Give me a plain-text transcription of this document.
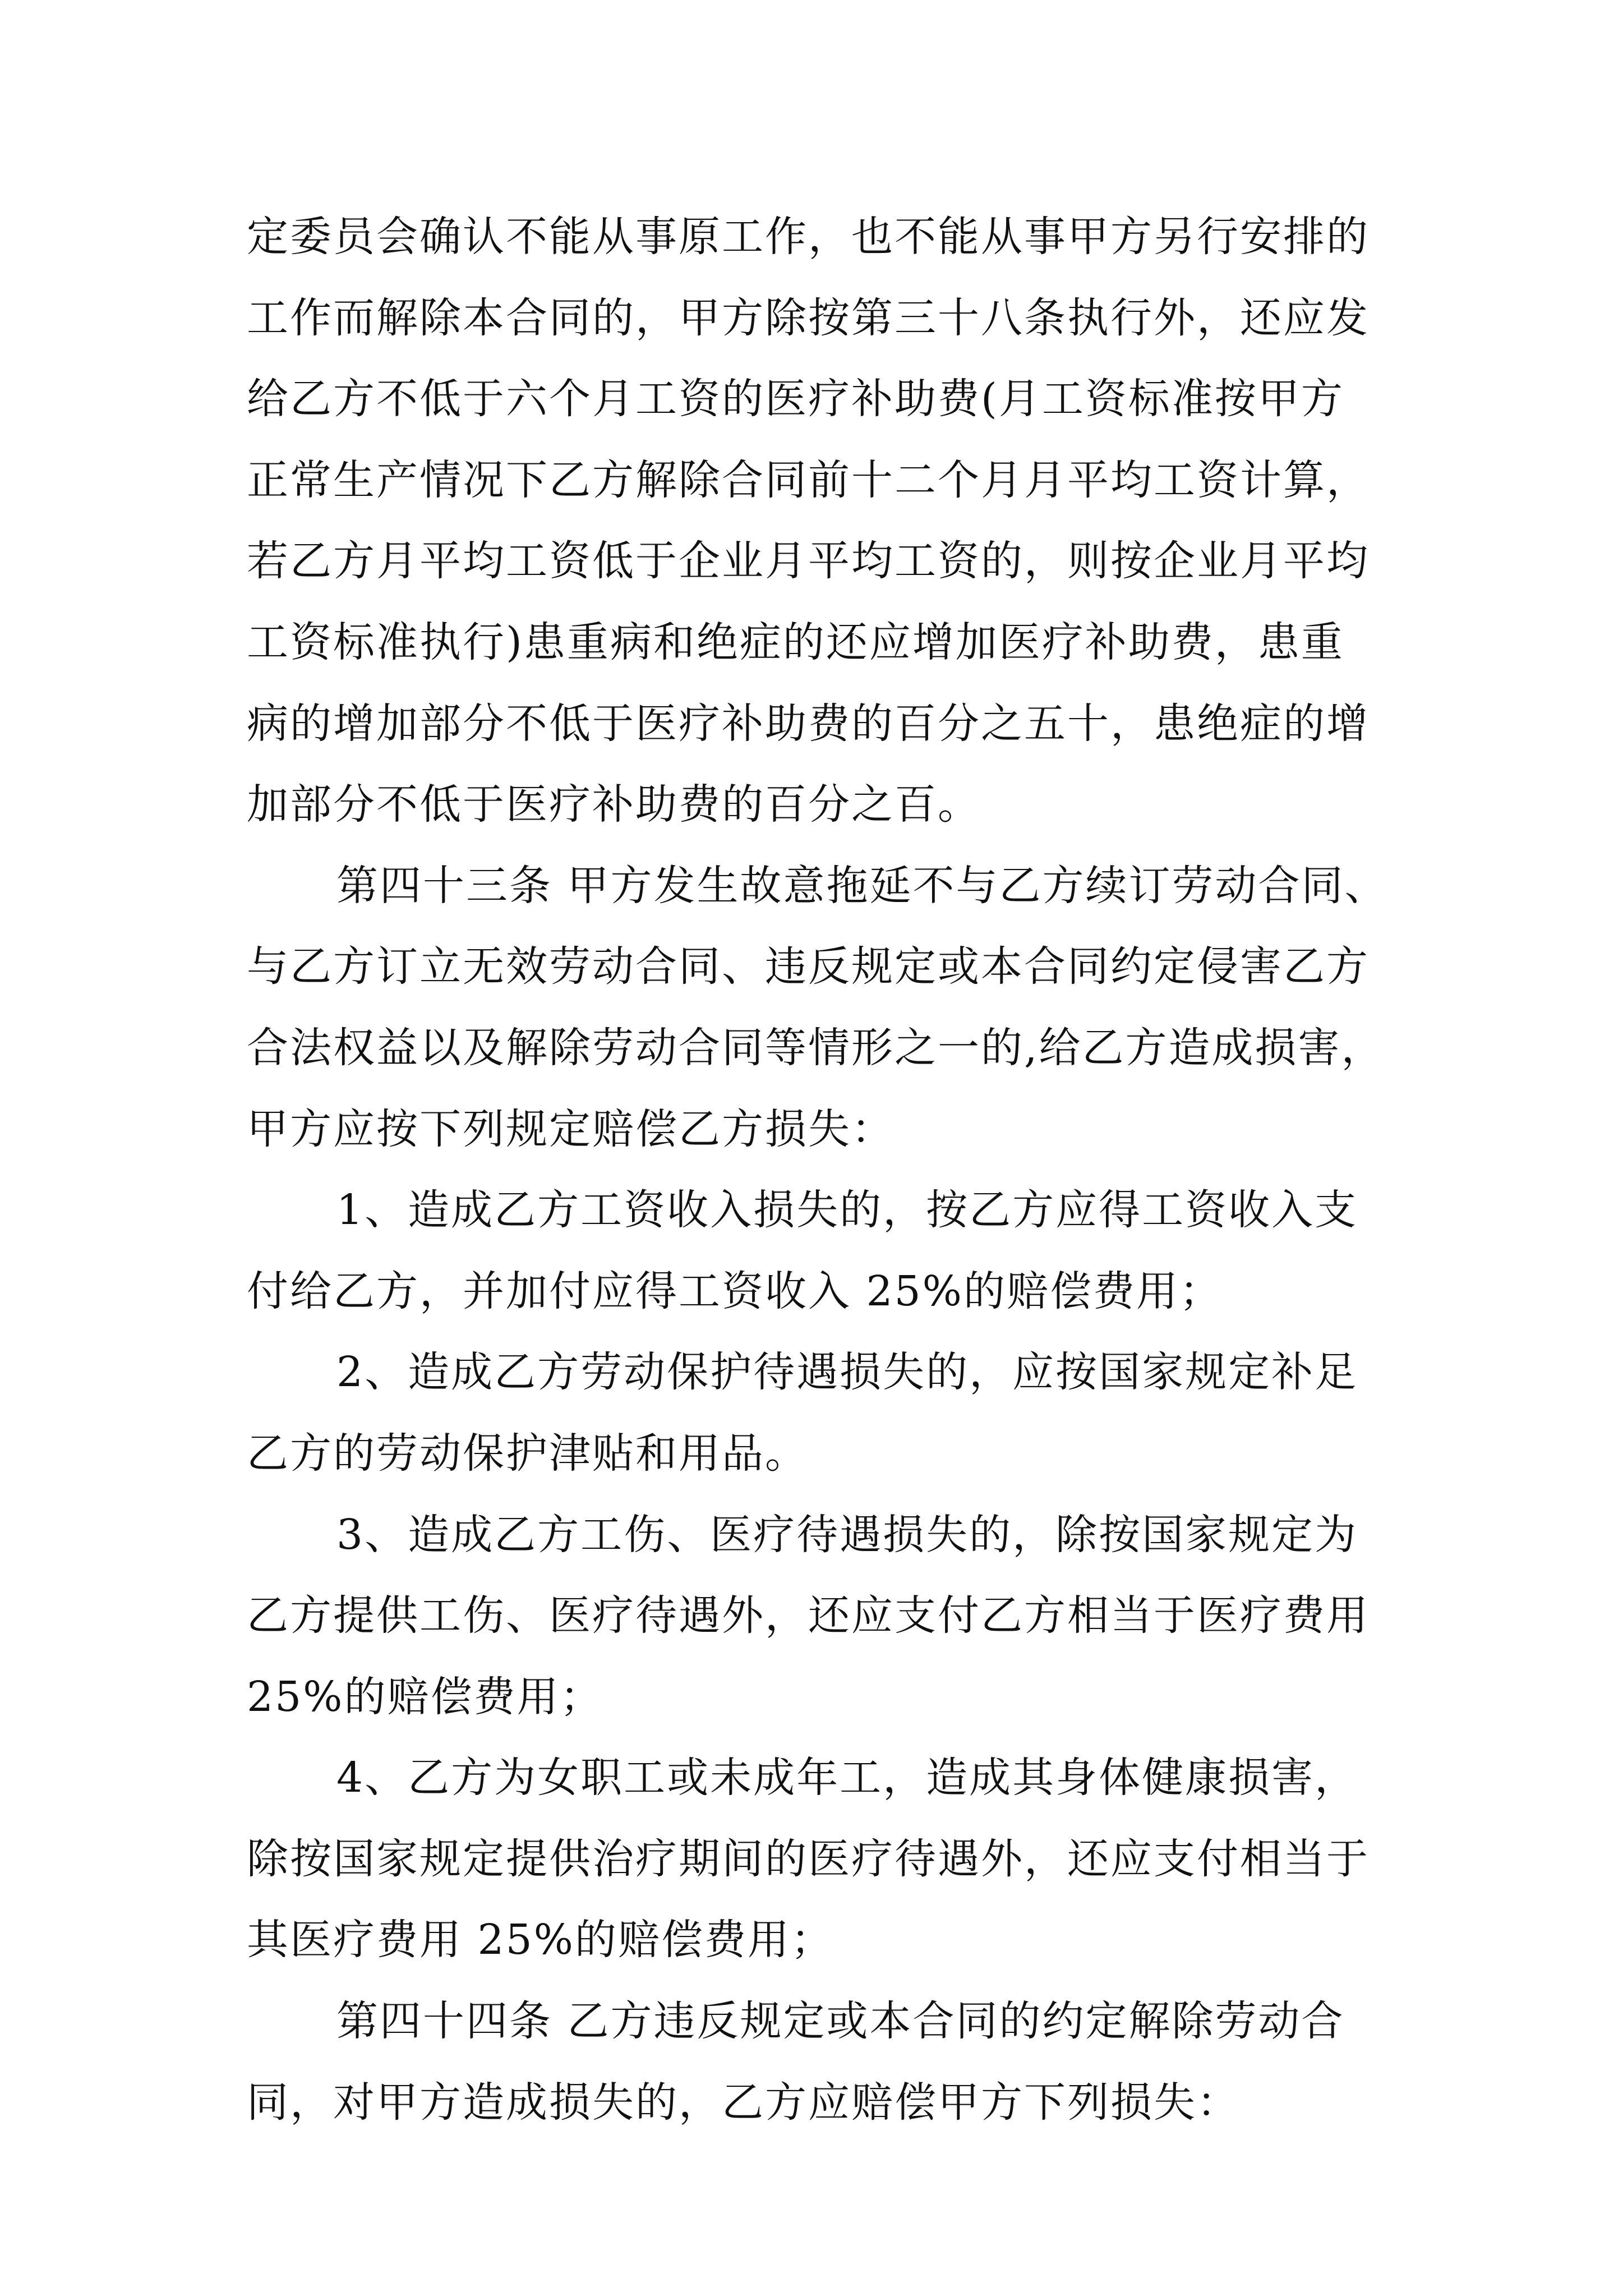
定委员会确认不能从事原工作，也不能从事甲方另行安排的
工作而解除本合同的，甲方除按第三十八条执行外，还应发
给乙方不低于六个月工资的医疗补助费(月工资标准按甲方
正常生产情况下乙方解除合同前十二个月月平均工资计算，
若乙方月平均工资低于企业月平均工资的，则按企业月平均
工资标准执行)患重病和绝症的还应增加医疗补助费，患重
病的增加部分不低于医疗补助费的百分之五十，患绝症的增
加部分不低于医疗补助费的百分之百。
第四十三条 甲方发生故意拖延不与乙方续订劳动合同、
与乙方订立无效劳动合同、违反规定或本合同约定侵害乙方
合法权益以及解除劳动合同等情形之一的,给乙方造成损害，
甲方应按下列规定赔偿乙方损失：
1、造成乙方工资收入损失的，按乙方应得工资收入支
付给乙方，并加付应得工资收入 25%的赔偿费用；
2、造成乙方劳动保护待遇损失的，应按国家规定补足
乙方的劳动保护津贴和用品。
3、造成乙方工伤、医疗待遇损失的，除按国家规定为
乙方提供工伤、医疗待遇外，还应支付乙方相当于医疗费用
25%的赔偿费用；
4、乙方为女职工或未成年工，造成其身体健康损害，
除按国家规定提供治疗期间的医疗待遇外，还应支付相当于
其医疗费用 25%的赔偿费用；
第四十四条 乙方违反规定或本合同的约定解除劳动合
同，对甲方造成损失的，乙方应赔偿甲方下列损失：
